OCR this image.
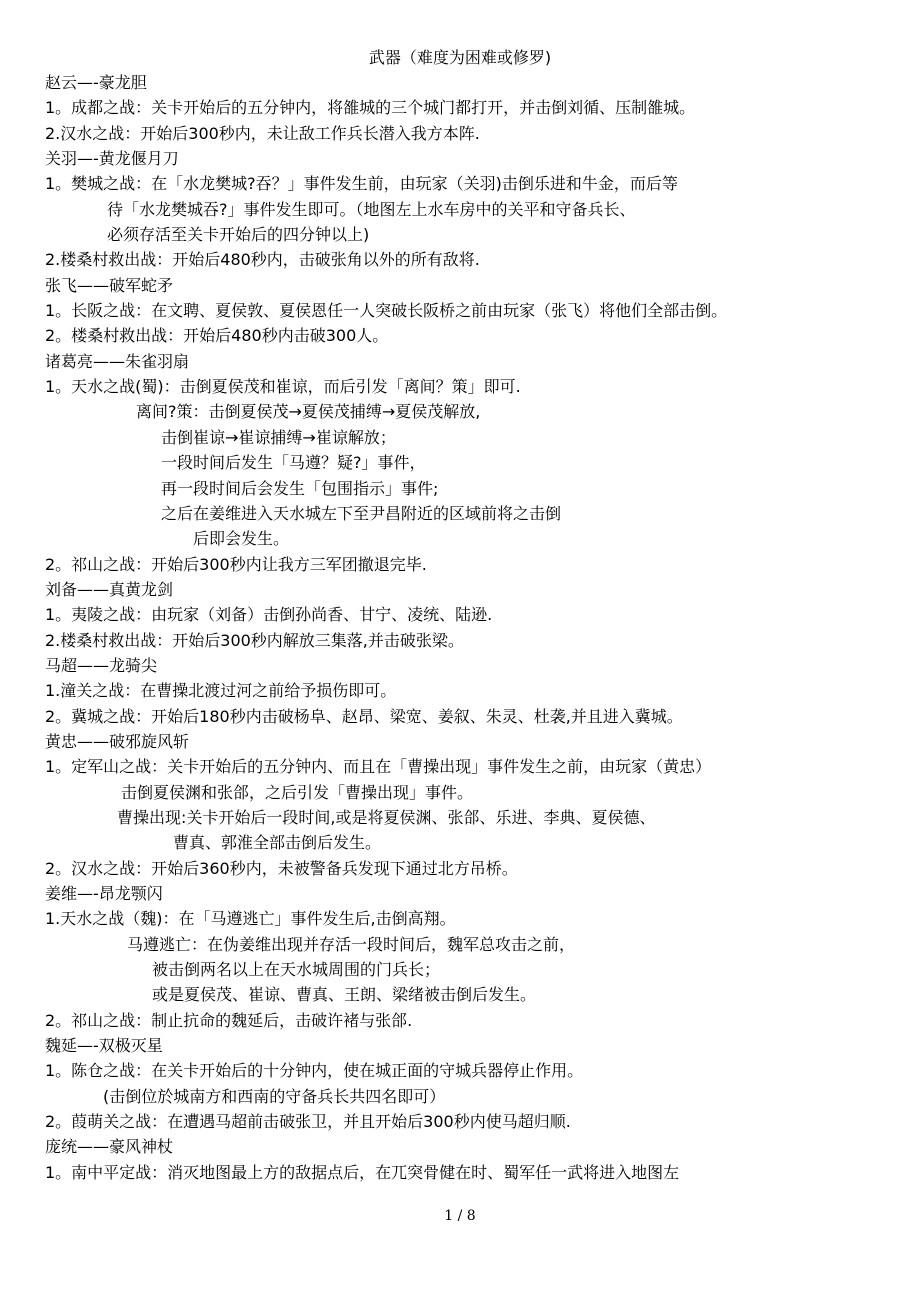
武器（难度为困难或修罗)
赵云—-豪龙胆
1。成都之战：关卡开始后的五分钟内，将雒城的三个城门都打开，并击倒刘循、压制雒城。
2.汉水之战：开始后300秒内，未让敌工作兵长潜入我方本阵.
关羽—-黄龙偃月刀
1。樊城之战：在「水龙樊城?吞？」事件发生前，由玩家（关羽)击倒乐进和牛金，而后等
待「水龙樊城吞?」事件发生即可。（地图左上水车房中的关平和守备兵长、
必须存活至关卡开始后的四分钟以上)
2.楼桑村救出战：开始后480秒内，击破张角以外的所有敌将.
张飞——破军蛇矛
1。长阪之战：在文聘、夏侯敦、夏侯恩任一人突破长阪桥之前由玩家（张飞）将他们全部击倒。
2。楼桑村救出战：开始后480秒内击破300人。
诸葛亮——朱雀羽扇
1。天水之战(蜀)：击倒夏侯茂和崔谅，而后引发「离间？策」即可.
离间?策：击倒夏侯茂→夏侯茂捕缚→夏侯茂解放,
击倒崔谅→崔谅捕缚→崔谅解放；
一段时间后发生「马遵？疑?」事件，
再一段时间后会发生「包围指示」事件;
之后在姜维进入天水城左下至尹昌附近的区域前将之击倒
后即会发生。
2。祁山之战：开始后300秒内让我方三军团撤退完毕.
刘备——真黄龙剑
1。夷陵之战：由玩家（刘备）击倒孙尚香、甘宁、凌统、陆逊.
2.楼桑村救出战：开始后300秒内解放三集落,并击破张梁。
马超——龙骑尖
1.潼关之战：在曹操北渡过河之前给予损伤即可。
2。冀城之战：开始后180秒内击破杨阜、赵昂、梁宽、姜叙、朱灵、杜袭,并且进入冀城。
黄忠——破邪旋风斩
1。定军山之战：关卡开始后的五分钟内、而且在「曹操出现」事件发生之前，由玩家（黄忠）
击倒夏侯渊和张郃，之后引发「曹操出现」事件。
曹操出现:关卡开始后一段时间,或是将夏侯渊、张郃、乐进、李典、夏侯德、
曹真、郭淮全部击倒后发生。
2。汉水之战：开始后360秒内，未被警备兵发现下通过北方吊桥。
姜维—-昂龙颚闪
1.天水之战（魏)：在「马遵逃亡」事件发生后,击倒高翔。
马遵逃亡：在伪姜维出现并存活一段时间后，魏军总攻击之前，
被击倒两名以上在天水城周围的门兵长；
或是夏侯茂、崔谅、曹真、王朗、梁绪被击倒后发生。
2。祁山之战：制止抗命的魏延后，击破许褚与张郃.
魏延—-双极灭星
1。陈仓之战：在关卡开始后的十分钟内，使在城正面的守城兵器停止作用。
(击倒位於城南方和西南的守备兵长共四名即可）
2。葭萌关之战：在遭遇马超前击破张卫，并且开始后300秒内使马超归顺.
庞统——豪风神杖
1。南中平定战：消灭地图最上方的敌据点后，在兀突骨健在时、蜀军任一武将进入地图左
1 / 8
